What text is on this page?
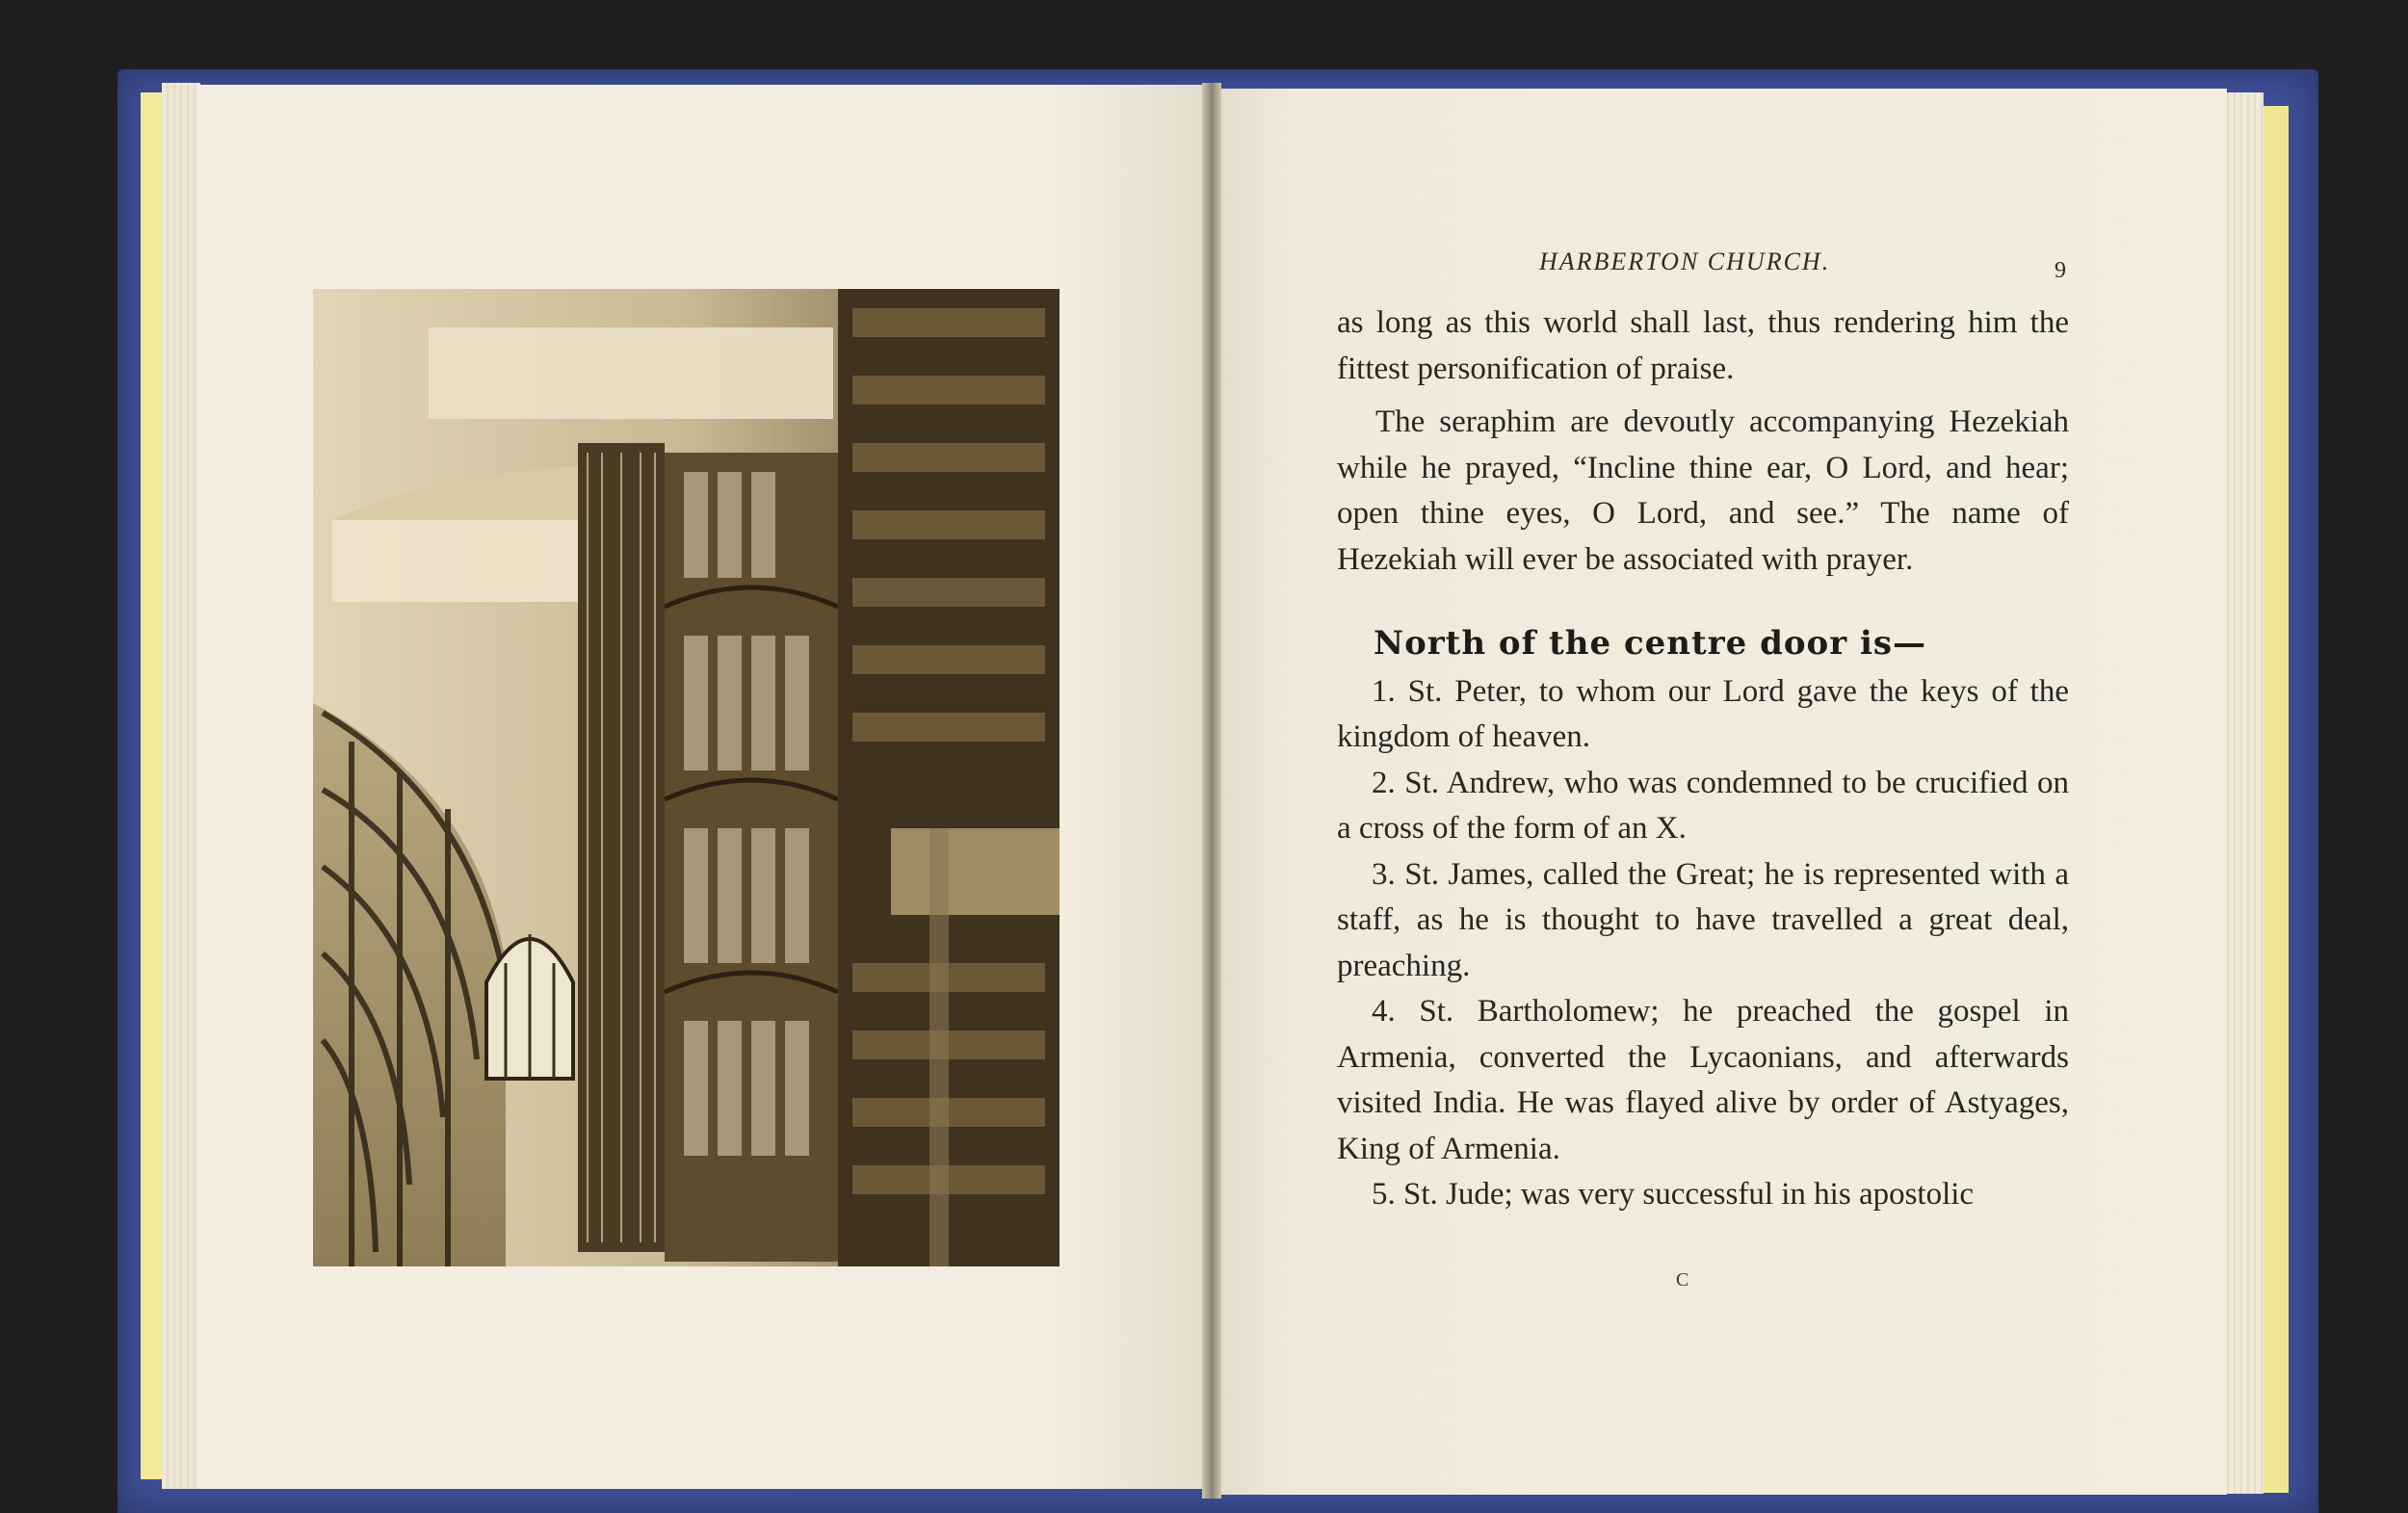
HARBERTON CHURCH.	9

as long as this world shall last, thus rendering him the fittest personification of praise.

The seraphim are devoutly accompanying Hezekiah while he prayed, “Incline thine ear, O Lord, and hear; open thine eyes, O Lord, and see.” The name of Hezekiah will ever be associated with prayer.

North of the centre door is—

1. St. Peter, to whom our Lord gave the keys of the kingdom of heaven.

2. St. Andrew, who was condemned to be crucified on a cross of the form of an X.

3. St. James, called the Great; he is represented with a staff, as he is thought to have travelled a great deal, preaching.

4. St. Bartholomew; he preached the gospel in Armenia, converted the Lycaonians, and afterwards visited India. He was flayed alive by order of Astyages, King of Armenia.

5. St. Jude; was very successful in his apostolic

C
